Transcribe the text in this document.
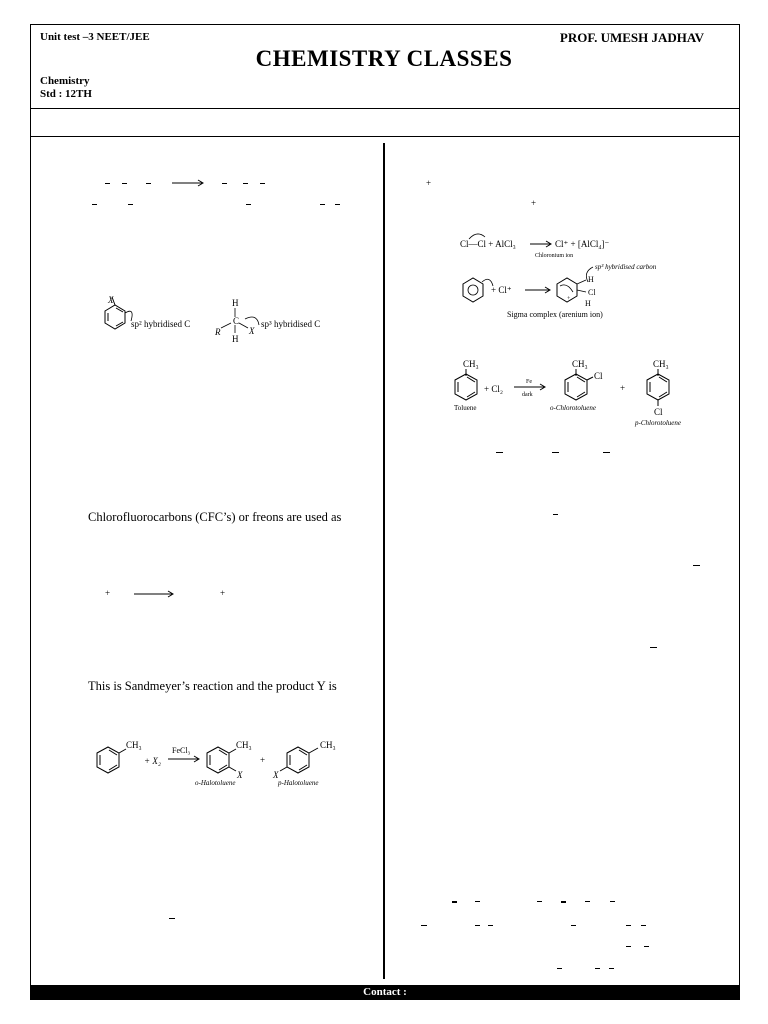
Unit test –3 NEET/JEE	PROF. UMESH JADHAV
CHEMISTRY CLASSES
Chemistry
Std : 12TH
X
sp² hybridised C
H
C
R	X
H
sp³ hybridised C
Chlorofluorocarbons (CFC’s) or freons are used as
+ →	+
This is Sandmeyer’s reaction and the product Y is
CH₃
+ X₂
FeCl₃
CH₃
X
o-Halotoluene
+
CH₃
X
p-Halotoluene
+
+
Cl—Cl + AlCl₃	Cl⁺ + [AlCl₄]⁻
Chloronium ion
sp³ hybridised carbon
+ Cl⁺
+
H
Cl
H
Sigma complex (arenium ion)
CH₃
Toluene
+ Cl₂
Fe
dark
CH₃
Cl
o-Chlorotoluene
+
CH₃
Cl
p-Chlorotoluene
Contact :
